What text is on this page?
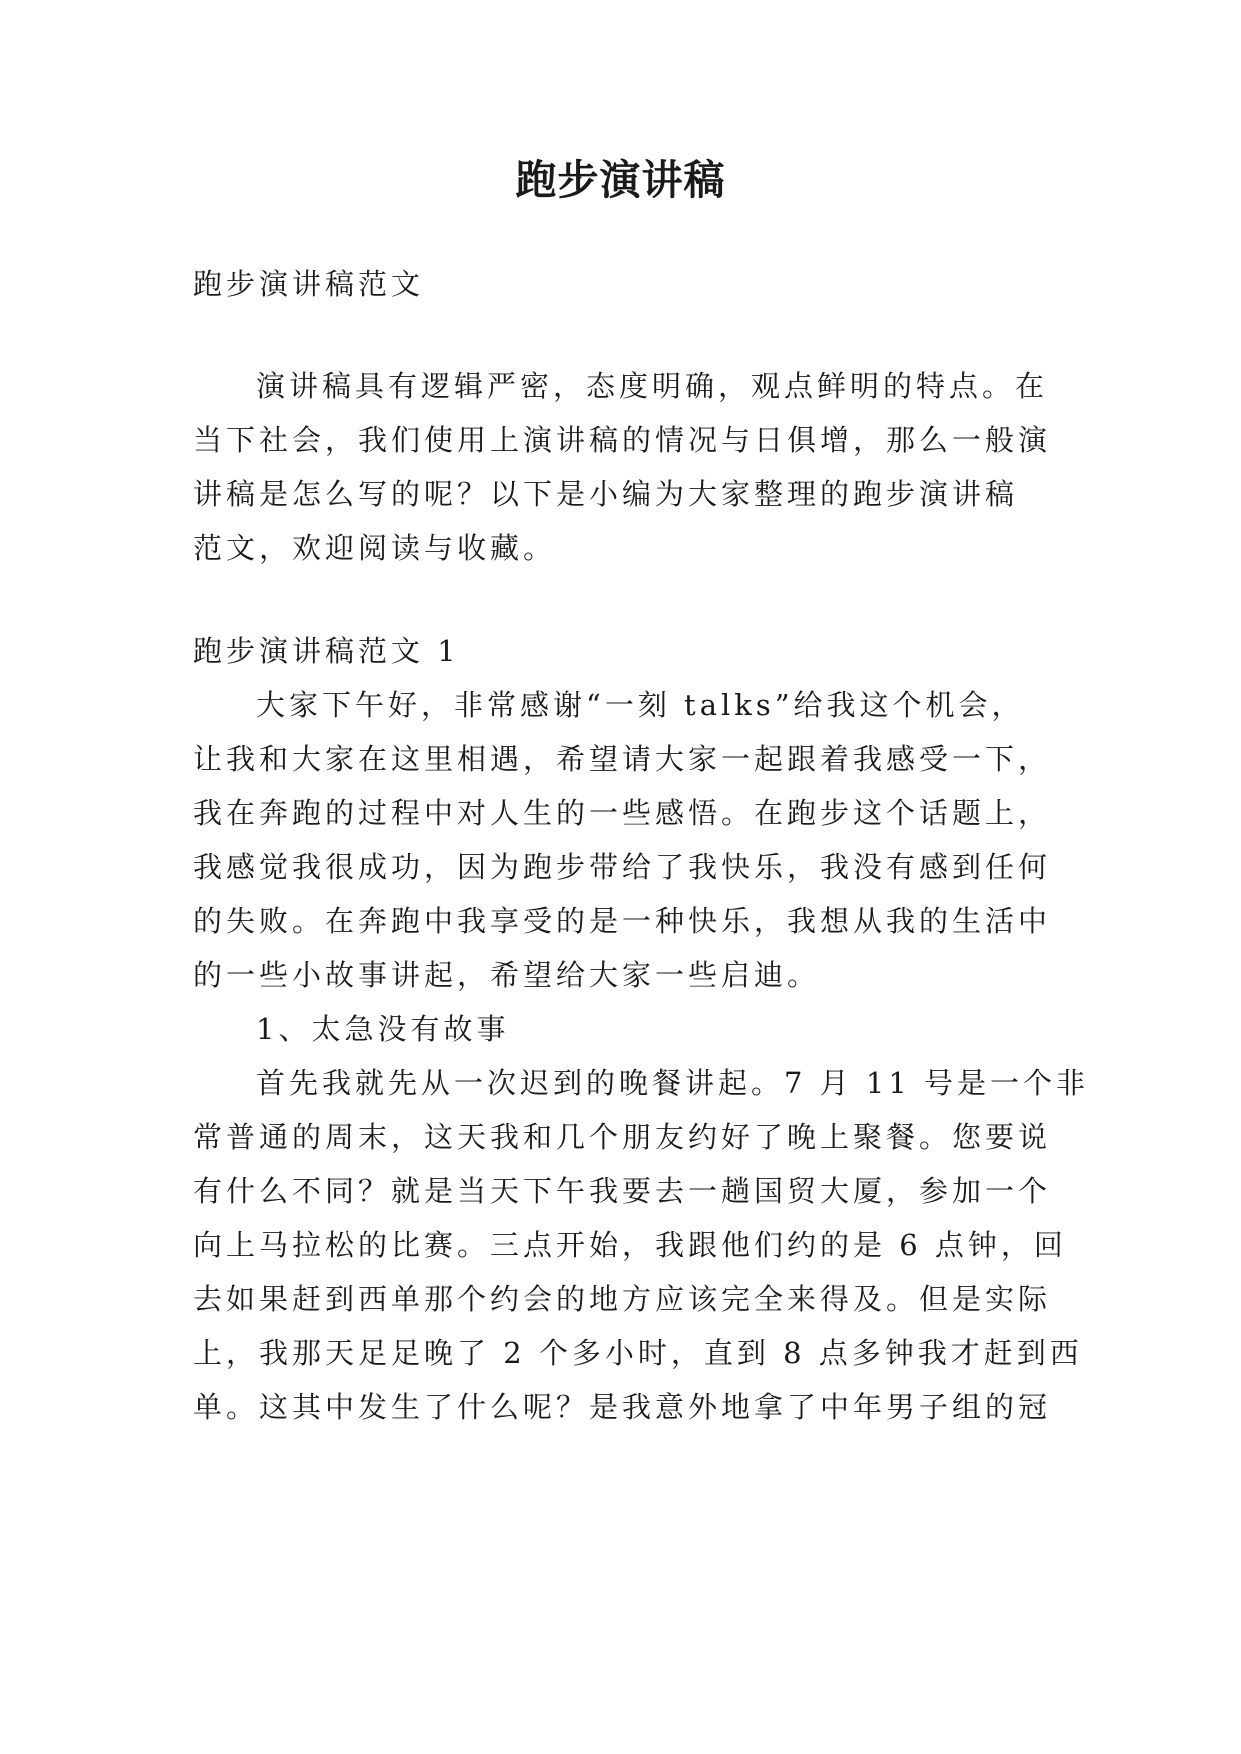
跑步演讲稿
跑步演讲稿范文
演讲稿具有逻辑严密，态度明确，观点鲜明的特点。在
当下社会，我们使用上演讲稿的情况与日俱增，那么一般演
讲稿是怎么写的呢？以下是小编为大家整理的跑步演讲稿
范文，欢迎阅读与收藏。
跑步演讲稿范文 1
大家下午好，非常感谢“一刻 talks”给我这个机会，
让我和大家在这里相遇，希望请大家一起跟着我感受一下，
我在奔跑的过程中对人生的一些感悟。在跑步这个话题上，
我感觉我很成功，因为跑步带给了我快乐，我没有感到任何
的失败。在奔跑中我享受的是一种快乐，我想从我的生活中
的一些小故事讲起，希望给大家一些启迪。
1、太急没有故事
首先我就先从一次迟到的晚餐讲起。7 月 11 号是一个非
常普通的周末，这天我和几个朋友约好了晚上聚餐。您要说
有什么不同？就是当天下午我要去一趟国贸大厦，参加一个
向上马拉松的比赛。三点开始，我跟他们约的是 6 点钟，回
去如果赶到西单那个约会的地方应该完全来得及。但是实际
上，我那天足足晚了 2 个多小时，直到 8 点多钟我才赶到西
单。这其中发生了什么呢？是我意外地拿了中年男子组的冠
